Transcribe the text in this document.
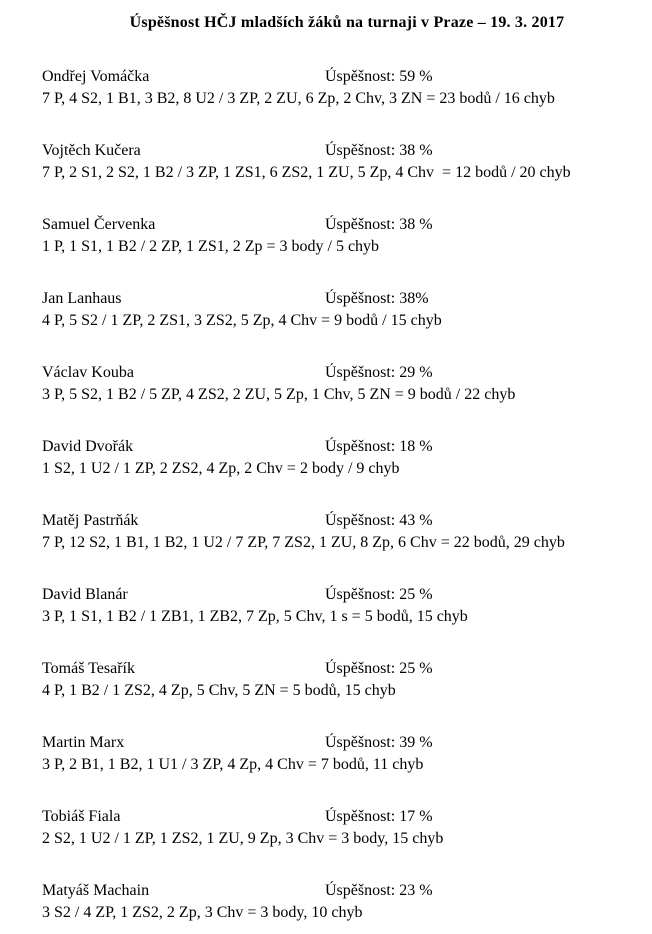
Úspěšnost HČJ mladších žáků na turnaji v Praze – 19. 3. 2017
Ondřej Vomáčka	Úspěšnost: 59 %
7 P, 4 S2, 1 B1, 3 B2, 8 U2 / 3 ZP, 2 ZU, 6 Zp, 2 Chv, 3 ZN = 23 bodů / 16 chyb
Vojtěch Kučera	Úspěšnost: 38 %
7 P, 2 S1, 2 S2, 1 B2 / 3 ZP, 1 ZS1, 6 ZS2, 1 ZU, 5 Zp, 4 Chv  = 12 bodů / 20 chyb
Samuel Červenka	Úspěšnost: 38 %
1 P, 1 S1, 1 B2 / 2 ZP, 1 ZS1, 2 Zp = 3 body / 5 chyb
Jan Lanhaus	Úspěšnost: 38%
4 P, 5 S2 / 1 ZP, 2 ZS1, 3 ZS2, 5 Zp, 4 Chv = 9 bodů / 15 chyb
Václav Kouba	Úspěšnost: 29 %
3 P, 5 S2, 1 B2 / 5 ZP, 4 ZS2, 2 ZU, 5 Zp, 1 Chv, 5 ZN = 9 bodů / 22 chyb
David Dvořák	Úspěšnost: 18 %
1 S2, 1 U2 / 1 ZP, 2 ZS2, 4 Zp, 2 Chv = 2 body / 9 chyb
Matěj Pastrňák	Úspěšnost: 43 %
7 P, 12 S2, 1 B1, 1 B2, 1 U2 / 7 ZP, 7 ZS2, 1 ZU, 8 Zp, 6 Chv = 22 bodů, 29 chyb
David Blanár	Úspěšnost: 25 %
3 P, 1 S1, 1 B2 / 1 ZB1, 1 ZB2, 7 Zp, 5 Chv, 1 s = 5 bodů, 15 chyb
Tomáš Tesařík	Úspěšnost: 25 %
4 P, 1 B2 / 1 ZS2, 4 Zp, 5 Chv, 5 ZN = 5 bodů, 15 chyb
Martin Marx	Úspěšnost: 39 %
3 P, 2 B1, 1 B2, 1 U1 / 3 ZP, 4 Zp, 4 Chv = 7 bodů, 11 chyb
Tobiáš Fiala	Úspěšnost: 17 %
2 S2, 1 U2 / 1 ZP, 1 ZS2, 1 ZU, 9 Zp, 3 Chv = 3 body, 15 chyb
Matyáš Machain	Úspěšnost: 23 %
3 S2 / 4 ZP, 1 ZS2, 2 Zp, 3 Chv = 3 body, 10 chyb
